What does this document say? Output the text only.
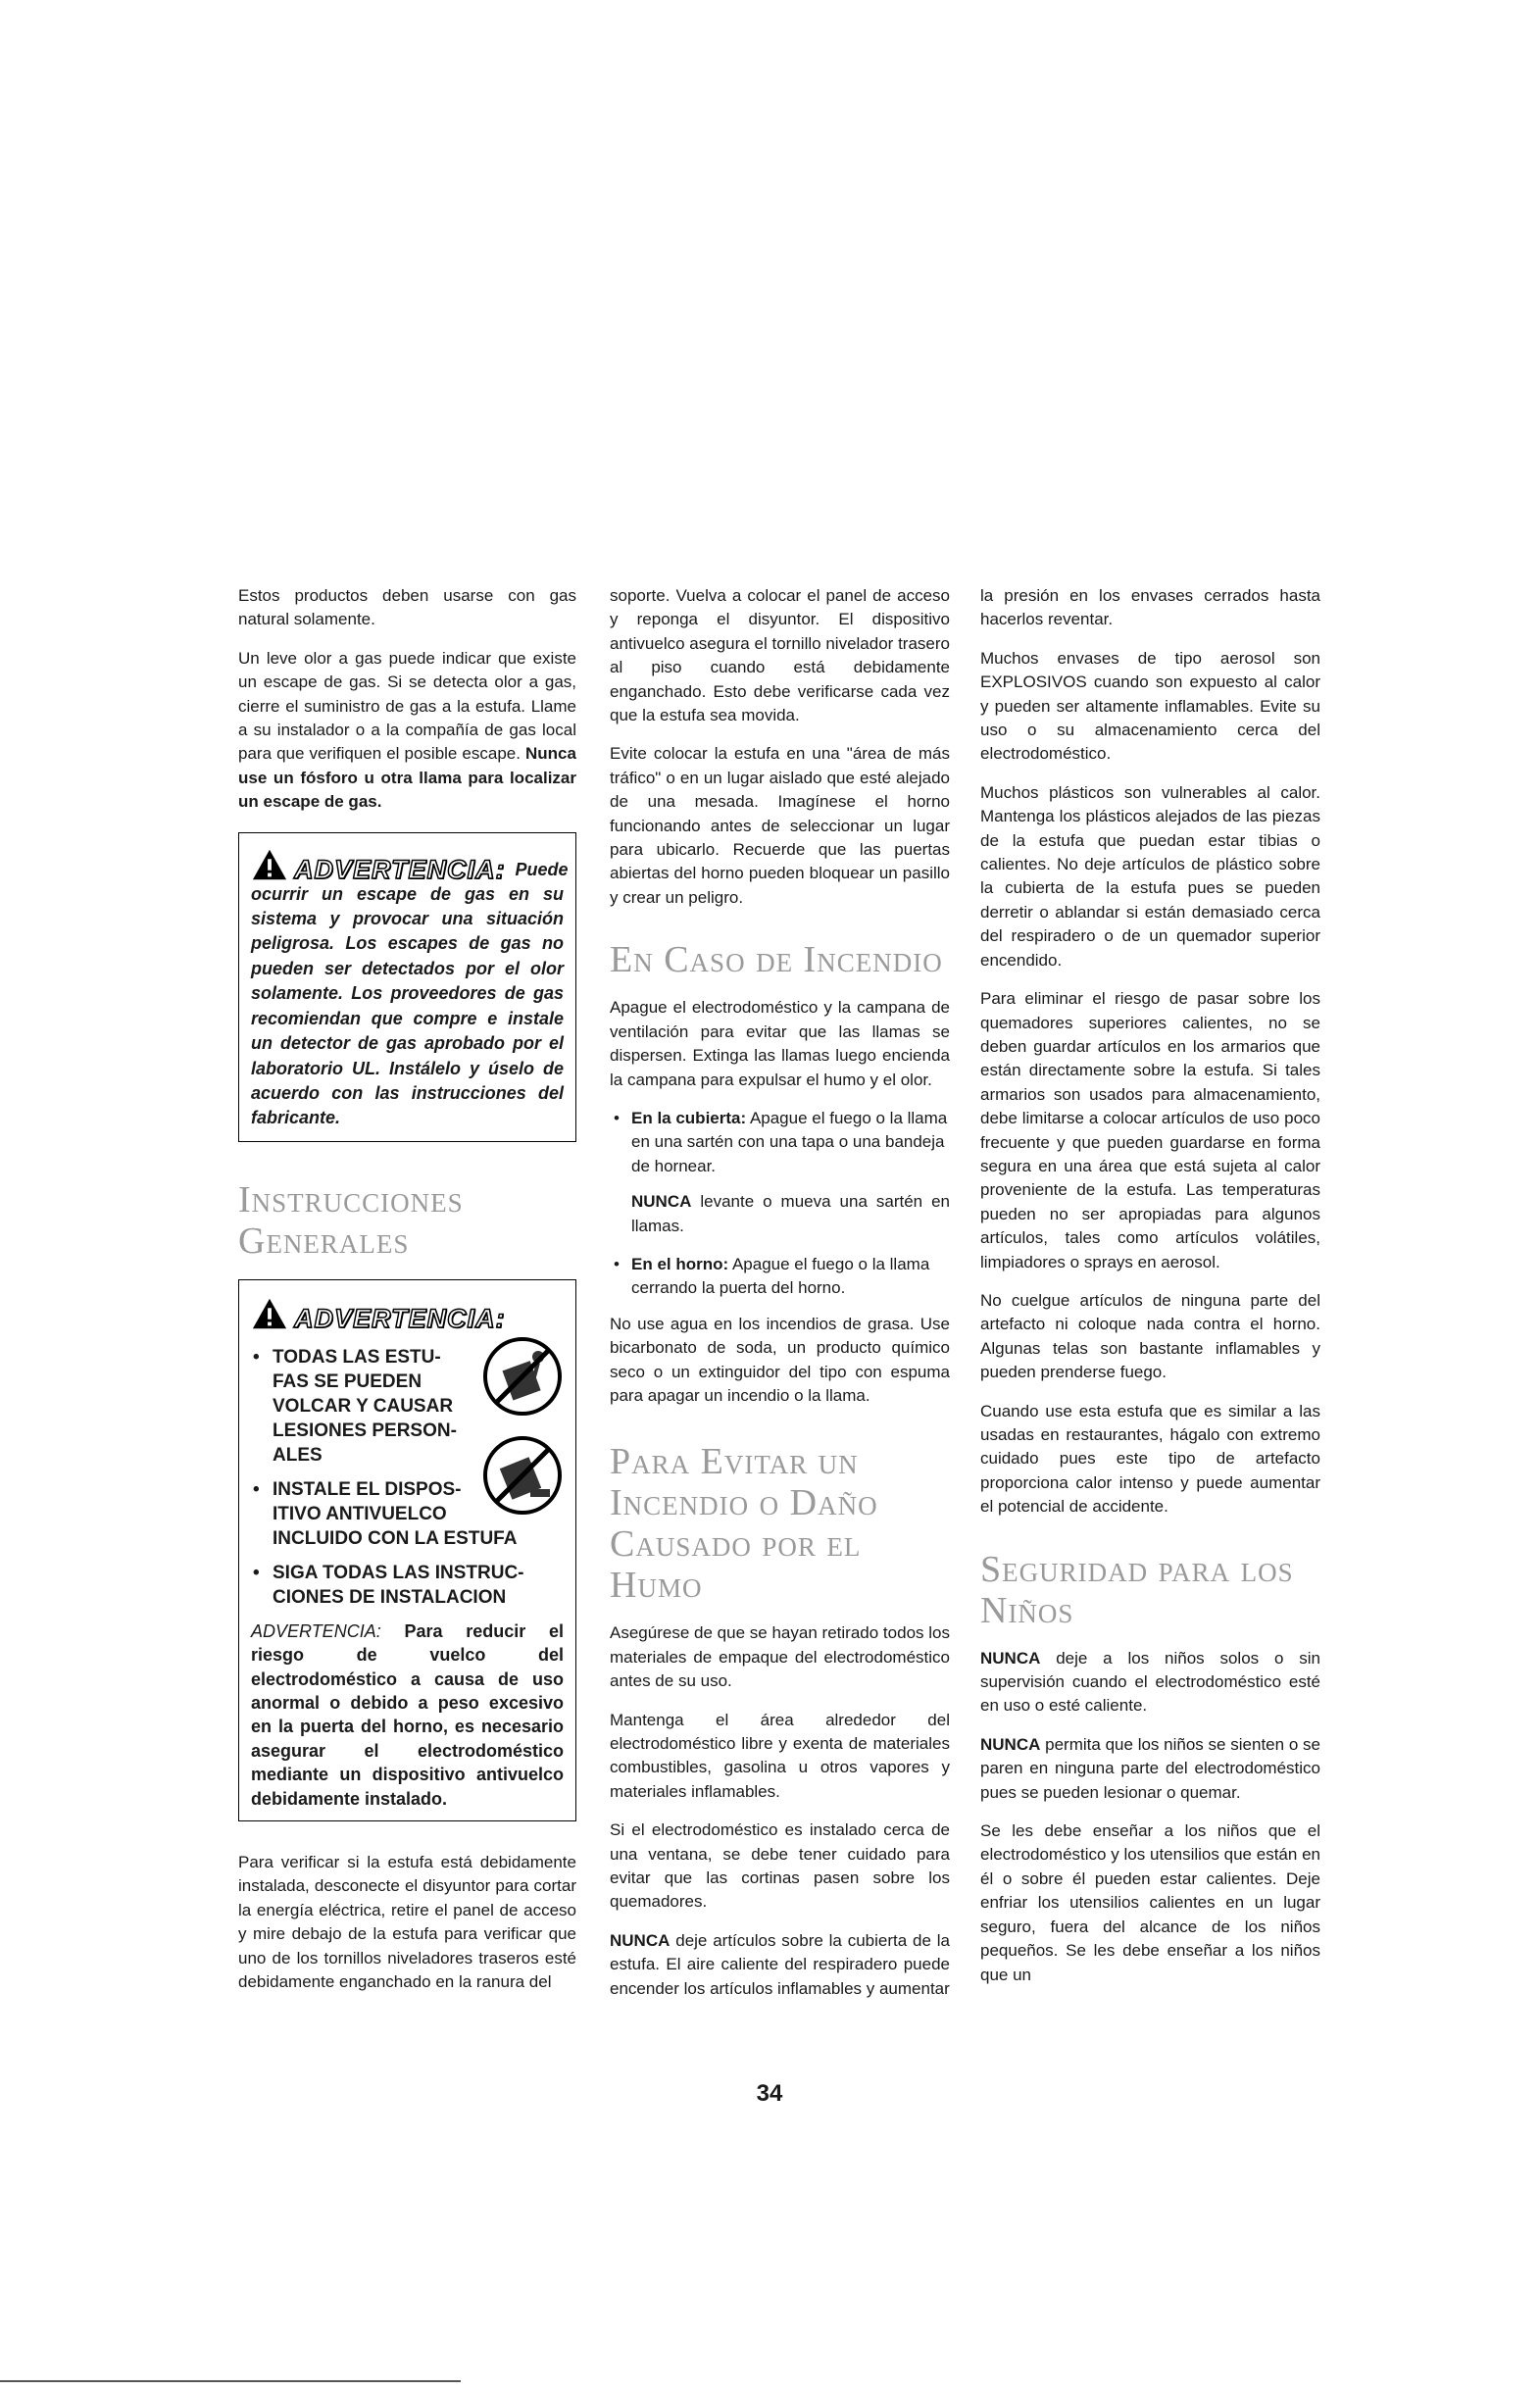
Estos productos deben usarse con gas natural solamente.

Un leve olor a gas puede indicar que existe un escape de gas. Si se detecta olor a gas, cierre el suministro de gas a la estufa. Llame a su instalador o a la compañía de gas local para que verifiquen el posible escape. Nunca use un fósforo u otra llama para localizar un escape de gas.

ADVERTENCIA: Puede
ocurrir un escape de gas en su sistema y provocar una situación peligrosa. Los escapes de gas no pueden ser detectados por el olor solamente. Los proveedores de gas recomiendan que compre e instale un detector de gas aprobado por el laboratorio UL. Instálelo y úselo de acuerdo con las instrucciones del fabricante.
Instrucciones Generales
ADVERTENCIA:
• TODAS LAS ESTU-
FAS SE PUEDEN
VOLCAR Y CAUSAR
LESIONES PERSON-
ALES
• INSTALE EL DISPOS-
ITIVO ANTIVUELCO
INCLUIDO CON LA ESTUFA
• SIGA TODAS LAS INSTRUC-
CIONES DE INSTALACION
ADVERTENCIA: Para reducir el riesgo de vuelco del electrodoméstico a causa de uso anormal o debido a peso excesivo en la puerta del horno, es necesario asegurar el electrodoméstico mediante un dispositivo antivuelco debidamente instalado.

Para verificar si la estufa está debidamente instalada, desconecte el disyuntor para cortar la energía eléctrica, retire el panel de acceso y mire debajo de la estufa para verificar que uno de los tornillos niveladores traseros esté debidamente enganchado en la ranura del

soporte. Vuelva a colocar el panel de acceso y reponga el disyuntor. El dispositivo antivuelco asegura el tornillo nivelador trasero al piso cuando está debidamente enganchado. Esto debe verificarse cada vez que la estufa sea movida.

Evite colocar la estufa en una "área de más tráfico" o en un lugar aislado que esté alejado de una mesada. Imagínese el horno funcionando antes de seleccionar un lugar para ubicarlo. Recuerde que las puertas abiertas del horno pueden bloquear un pasillo y crear un peligro.

En Caso de Incendio

Apague el electrodoméstico y la campana de ventilación para evitar que las llamas se dispersen. Extinga las llamas luego encienda la campana para expulsar el humo y el olor.

• En la cubierta: Apague el fuego o la llama en una sartén con una tapa o una bandeja de hornear.

NUNCA levante o mueva una sartén en llamas.

• En el horno: Apague el fuego o la llama cerrando la puerta del horno.

No use agua en los incendios de grasa. Use bicarbonato de soda, un producto químico seco o un extinguidor del tipo con espuma para apagar un incendio o la llama.

Para Evitar un Incendio o Daño Causado por el Humo

Asegúrese de que se hayan retirado todos los materiales de empaque del electrodoméstico antes de su uso.

Mantenga el área alrededor del electrodoméstico libre y exenta de materiales combustibles, gasolina u otros vapores y materiales inflamables.

Si el electrodoméstico es instalado cerca de una ventana, se debe tener cuidado para evitar que las cortinas pasen sobre los quemadores.

NUNCA deje artículos sobre la cubierta de la estufa. El aire caliente del respiradero puede encender los artículos inflamables y aumentar

la presión en los envases cerrados hasta hacerlos reventar.

Muchos envases de tipo aerosol son EXPLOSIVOS cuando son expuesto al calor y pueden ser altamente inflamables. Evite su uso o su almacenamiento cerca del electrodoméstico.

Muchos plásticos son vulnerables al calor. Mantenga los plásticos alejados de las piezas de la estufa que puedan estar tibias o calientes. No deje artículos de plástico sobre la cubierta de la estufa pues se pueden derretir o ablandar si están demasiado cerca del respiradero o de un quemador superior encendido.

Para eliminar el riesgo de pasar sobre los quemadores superiores calientes, no se deben guardar artículos en los armarios que están directamente sobre la estufa. Si tales armarios son usados para almacenamiento, debe limitarse a colocar artículos de uso poco frecuente y que pueden guardarse en forma segura en una área que está sujeta al calor proveniente de la estufa. Las temperaturas pueden no ser apropiadas para algunos artículos, tales como artículos volátiles, limpiadores o sprays en aerosol.

No cuelgue artículos de ninguna parte del artefacto ni coloque nada contra el horno. Algunas telas son bastante inflamables y pueden prenderse fuego.

Cuando use esta estufa que es similar a las usadas en restaurantes, hágalo con extremo cuidado pues este tipo de artefacto proporciona calor intenso y puede aumentar el potencial de accidente.

Seguridad para los Niños

NUNCA deje a los niños solos o sin supervisión cuando el electrodoméstico esté en uso o esté caliente.

NUNCA permita que los niños se sienten o se paren en ninguna parte del electrodoméstico pues se pueden lesionar o quemar.

Se les debe enseñar a los niños que el electrodoméstico y los utensilios que están en él o sobre él pueden estar calientes. Deje enfriar los utensilios calientes en un lugar seguro, fuera del alcance de los niños pequeños. Se les debe enseñar a los niños que un

34
